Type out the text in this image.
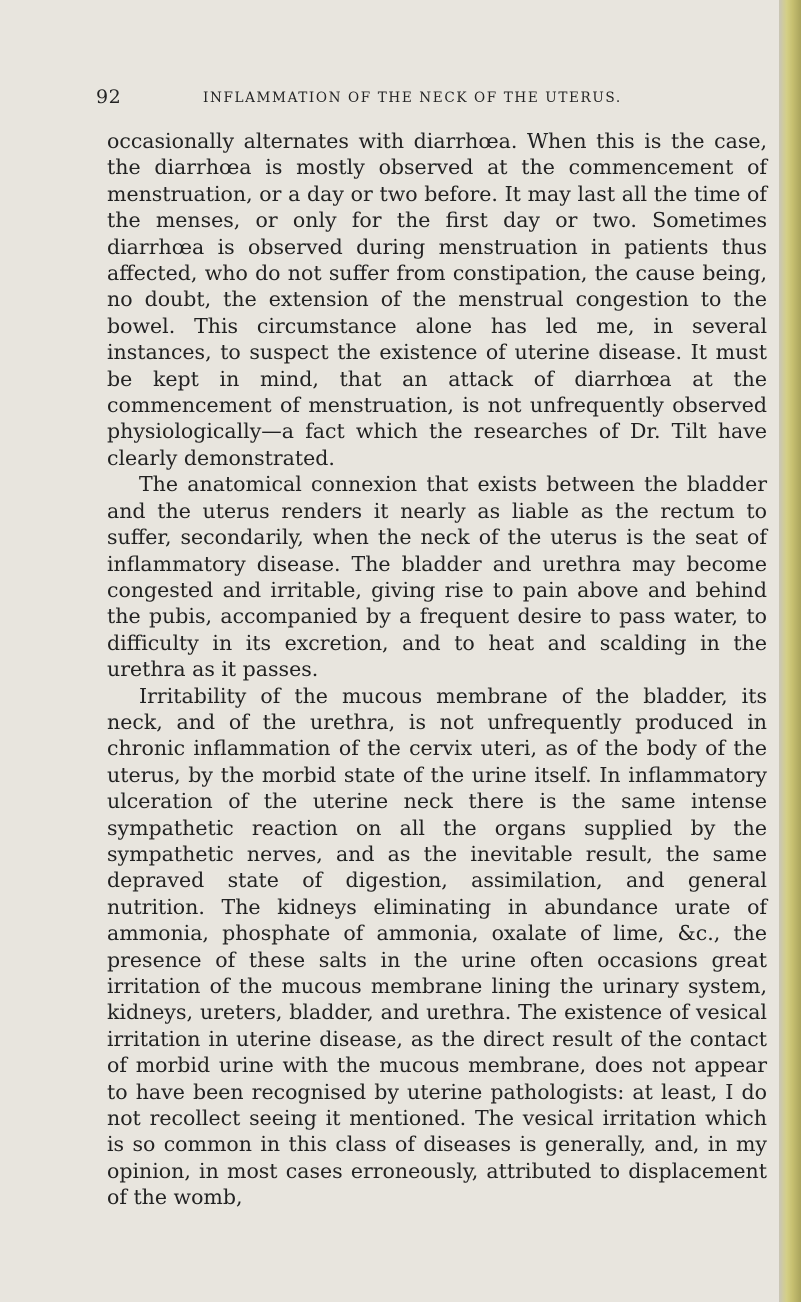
92	INFLAMMATION OF THE NECK OF THE UTERUS.

occasionally alternates with diarrhœa. When this is the case, the diarrhœa is mostly observed at the commencement of menstruation, or a day or two before. It may last all the time of the menses, or only for the first day or two. Sometimes diarrhœa is observed during menstruation in patients thus affected, who do not suffer from constipation, the cause being, no doubt, the extension of the menstrual congestion to the bowel. This circumstance alone has led me, in several instances, to suspect the existence of uterine disease. It must be kept in mind, that an attack of diarrhœa at the commencement of menstruation, is not unfrequently observed physiologically—a fact which the researches of Dr. Tilt have clearly demonstrated.

The anatomical connexion that exists between the bladder and the uterus renders it nearly as liable as the rectum to suffer, secondarily, when the neck of the uterus is the seat of inflammatory disease. The bladder and urethra may become congested and irritable, giving rise to pain above and behind the pubis, accompanied by a frequent desire to pass water, to difficulty in its excretion, and to heat and scalding in the urethra as it passes.

Irritability of the mucous membrane of the bladder, its neck, and of the urethra, is not unfrequently produced in chronic inflammation of the cervix uteri, as of the body of the uterus, by the morbid state of the urine itself. In inflammatory ulceration of the uterine neck there is the same intense sympathetic reaction on all the organs supplied by the sympathetic nerves, and as the inevitable result, the same depraved state of digestion, assimilation, and general nutrition. The kidneys eliminating in abundance urate of ammonia, phosphate of ammonia, oxalate of lime, &c., the presence of these salts in the urine often occasions great irritation of the mucous membrane lining the urinary system, kidneys, ureters, bladder, and urethra. The existence of vesical irritation in uterine disease, as the direct result of the contact of morbid urine with the mucous membrane, does not appear to have been recognised by uterine pathologists: at least, I do not recollect seeing it mentioned. The vesical irritation which is so common in this class of diseases is generally, and, in my opinion, in most cases erroneously, attributed to displacement of the womb,
